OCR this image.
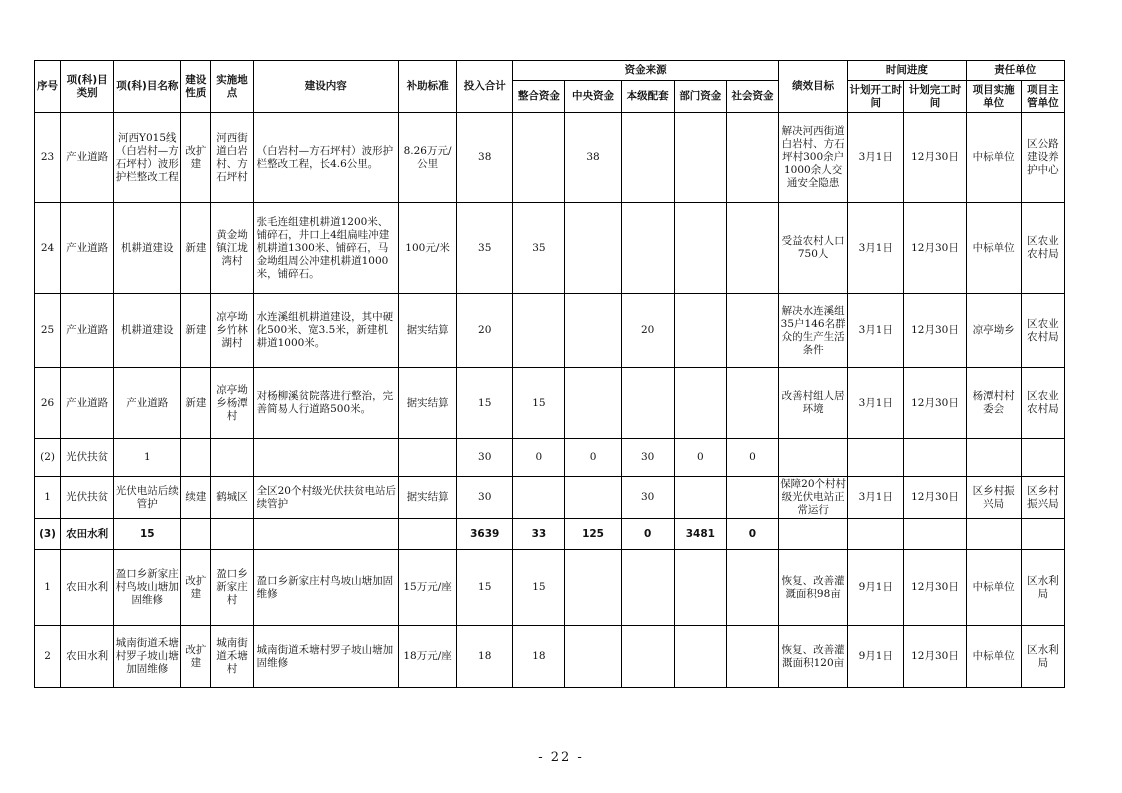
序号	项(科)目类别	项(科)目名称	建设性质	实施地点	建设内容	补助标准	投入合计	资金来源					绩效目标	时间进度		责任单位	
								整合资金	中央资金	本级配套	部门资金	社会资金		计划开工时间	计划完工时间	项目实施单位	项目主管单位
23	产业道路	河西Y015线（白岩村—方石坪村）波形护栏整改工程	改扩建	河西街道白岩村、方石坪村	（白岩村—方石坪村）波形护栏整改工程，长4.6公里。	8.26万元/公里	38		38				解决河西街道白岩村、方石坪村300余户1000余人交通安全隐患	3月1日	12月30日	中标单位	区公路建设养护中心
24	产业道路	机耕道建设	新建	黄金坳镇江垅湾村	张毛连组建机耕道1200米、铺碎石，井口上4组扁哇冲建机耕道1300米、铺碎石，马金坳组周公冲建机耕道1000米，铺碎石。	100元/米	35	35					受益农村人口750人	3月1日	12月30日	中标单位	区农业农村局
25	产业道路	机耕道建设	新建	凉亭坳乡竹林湖村	水连溪组机耕道建设，其中硬化500米、宽3.5米，新建机耕道1000米。	据实结算	20			20			解决水连溪组35户146名群众的生产生活条件	3月1日	12月30日	凉亭坳乡	区农业农村局
26	产业道路	产业道路	新建	凉亭坳乡杨潭村	对杨柳溪贫院落进行整治，完善简易人行道路500米。	据实结算	15	15					改善村组人居环境	3月1日	12月30日	杨潭村村委会	区农业农村局
(2)	光伏扶贫	1					30	0	0	30	0	0					
1	光伏扶贫	光伏电站后续管护	续建	鹤城区	全区20个村级光伏扶贫电站后续管护	据实结算	30			30			保障20个村村级光伏电站正常运行	3月1日	12月30日	区乡村振兴局	区乡村振兴局
(3)	农田水利	15					3639	33	125	0	3481	0					
1	农田水利	盈口乡新家庄村鸟坡山塘加固维修	改扩建	盈口乡新家庄村	盈口乡新家庄村鸟坡山塘加固维修	15万元/座	15	15					恢复、改善灌溉面积98亩	9月1日	12月30日	中标单位	区水利局
2	农田水利	城南街道禾塘村罗子坡山塘加固维修	改扩建	城南街道禾塘村	城南街道禾塘村罗子坡山塘加固维修	18万元/座	18	18					恢复、改善灌溉面积120亩	9月1日	12月30日	中标单位	区水利局
- 22 -
